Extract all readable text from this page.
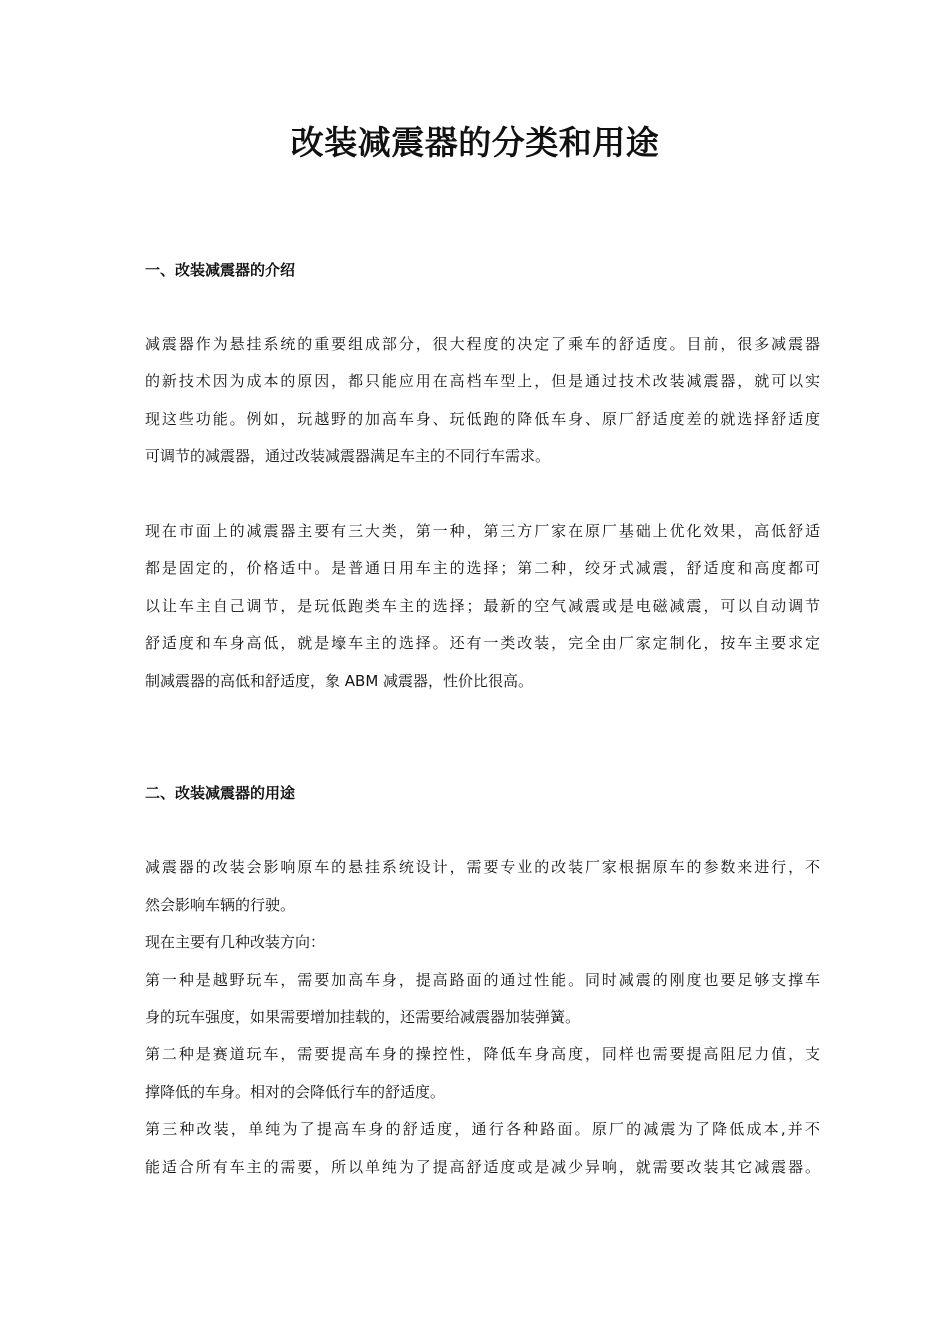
改装减震器的分类和用途
一、改装减震器的介绍
减震器作为悬挂系统的重要组成部分，很大程度的决定了乘车的舒适度。目前，很多减震器
的新技术因为成本的原因，都只能应用在高档车型上，但是通过技术改装减震器，就可以实
现这些功能。例如，玩越野的加高车身、玩低跑的降低车身、原厂舒适度差的就选择舒适度
可调节的减震器，通过改装减震器满足车主的不同行车需求。
现在市面上的减震器主要有三大类，第一种，第三方厂家在原厂基础上优化效果，高低舒适
都是固定的，价格适中。是普通日用车主的选择；第二种，绞牙式减震，舒适度和高度都可
以让车主自己调节，是玩低跑类车主的选择；最新的空气减震或是电磁减震，可以自动调节
舒适度和车身高低，就是壕车主的选择。还有一类改装，完全由厂家定制化，按车主要求定
制减震器的高低和舒适度，象 ABM 减震器，性价比很高。
二、改装减震器的用途
减震器的改装会影响原车的悬挂系统设计，需要专业的改装厂家根据原车的参数来进行，不
然会影响车辆的行驶。
现在主要有几种改装方向：
第一种是越野玩车，需要加高车身，提高路面的通过性能。同时减震的刚度也要足够支撑车
身的玩车强度，如果需要增加挂载的，还需要给减震器加装弹簧。
第二种是赛道玩车，需要提高车身的操控性，降低车身高度，同样也需要提高阻尼力值，支
撑降低的车身。相对的会降低行车的舒适度。
第三种改装，单纯为了提高车身的舒适度，通行各种路面。原厂的减震为了降低成本,并不
能适合所有车主的需要，所以单纯为了提高舒适度或是减少异响，就需要改装其它减震器。
